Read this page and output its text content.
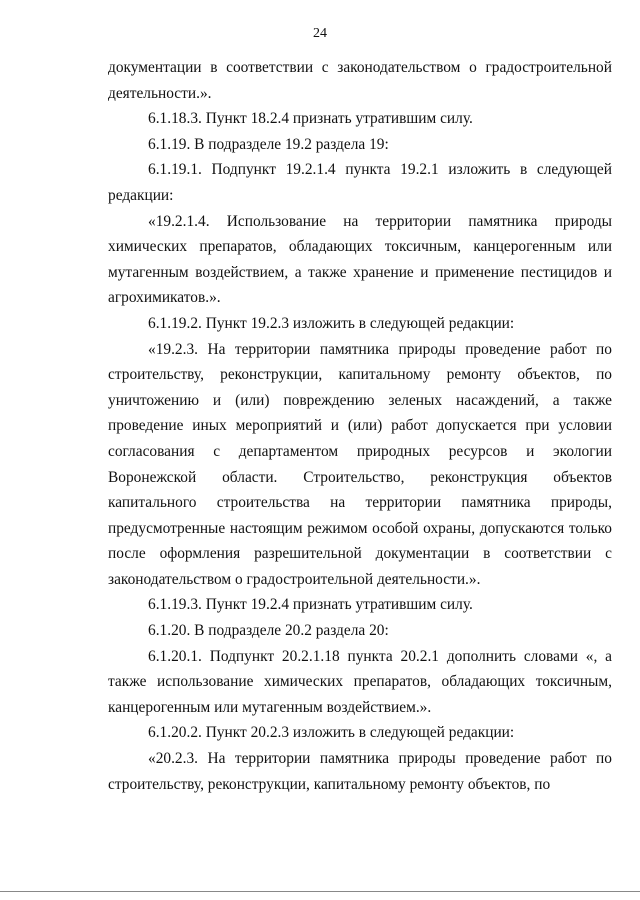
24

документации в соответствии с законодательством о градостроительной деятельности.».

6.1.18.3. Пункт 18.2.4 признать утратившим силу.

6.1.19. В подразделе 19.2 раздела 19:

6.1.19.1. Подпункт 19.2.1.4 пункта 19.2.1 изложить в следующей редакции:

«19.2.1.4. Использование на территории памятника природы химических препаратов, обладающих токсичным, канцерогенным или мутагенным воздействием, а также хранение и применение пестицидов и агрохимикатов.».

6.1.19.2. Пункт 19.2.3 изложить в следующей редакции:

«19.2.3. На территории памятника природы проведение работ по строительству, реконструкции, капитальному ремонту объектов, по уничтожению и (или) повреждению зеленых насаждений, а также проведение иных мероприятий и (или) работ допускается при условии согласования с департаментом природных ресурсов и экологии Воронежской области. Строительство, реконструкция объектов капитального строительства на территории памятника природы, предусмотренные настоящим режимом особой охраны, допускаются только после оформления разрешительной документации в соответствии с законодательством о градостроительной деятельности.».

6.1.19.3. Пункт 19.2.4 признать утратившим силу.

6.1.20. В подразделе 20.2 раздела 20:

6.1.20.1. Подпункт 20.2.1.18 пункта 20.2.1 дополнить словами «, а также использование химических препаратов, обладающих токсичным, канцерогенным или мутагенным воздействием.».

6.1.20.2. Пункт 20.2.3 изложить в следующей редакции:

«20.2.3. На территории памятника природы проведение работ по строительству, реконструкции, капитальному ремонту объектов, по
